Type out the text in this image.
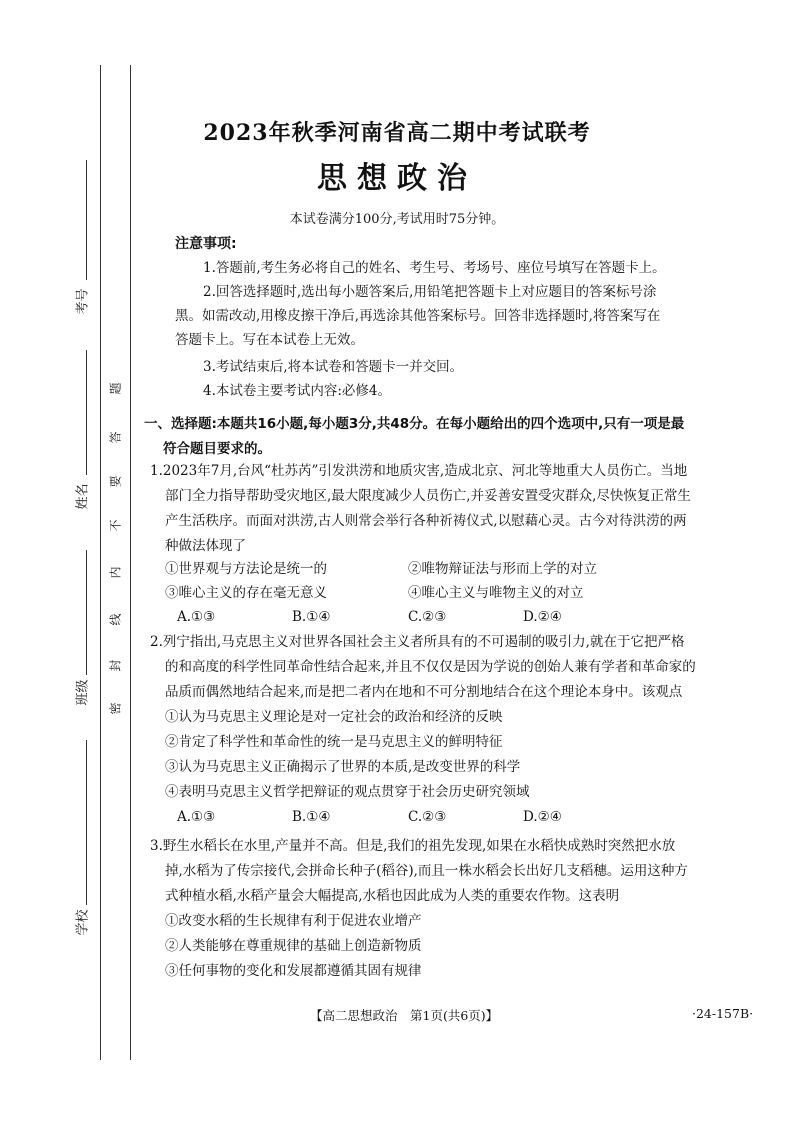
考号
姓名
班级
学校
密
封
线
内
不
要
答
题
2023年秋季河南省高二期中考试联考
思想政治
本试卷满分100分,考试用时75分钟。
注意事项:
1.答题前,考生务必将自己的姓名、考生号、考场号、座位号填写在答题卡上。
2.回答选择题时,选出每小题答案后,用铅笔把答题卡上对应题目的答案标号涂
黑。如需改动,用橡皮擦干净后,再选涂其他答案标号。回答非选择题时,将答案写在
答题卡上。写在本试卷上无效。
3.考试结束后,将本试卷和答题卡一并交回。
4.本试卷主要考试内容:必修4。
一、选择题:本题共16小题,每小题3分,共48分。在每小题给出的四个选项中,只有一项是最
符合题目要求的。
1.2023年7月,台风“杜苏芮”引发洪涝和地质灾害,造成北京、河北等地重大人员伤亡。当地
部门全力指导帮助受灾地区,最大限度减少人员伤亡,并妥善安置受灾群众,尽快恢复正常生
产生活秩序。而面对洪涝,古人则常会举行各种祈祷仪式,以慰藉心灵。古今对待洪涝的两
种做法体现了
①世界观与方法论是统一的	②唯物辩证法与形而上学的对立
③唯心主义的存在毫无意义	④唯心主义与唯物主义的对立
A.①③	B.①④	C.②③	D.②④
2.列宁指出,马克思主义对世界各国社会主义者所具有的不可遏制的吸引力,就在于它把严格
的和高度的科学性同革命性结合起来,并且不仅仅是因为学说的创始人兼有学者和革命家的
品质而偶然地结合起来,而是把二者内在地和不可分割地结合在这个理论本身中。该观点
①认为马克思主义理论是对一定社会的政治和经济的反映
②肯定了科学性和革命性的统一是马克思主义的鲜明特征
③认为马克思主义正确揭示了世界的本质,是改变世界的科学
④表明马克思主义哲学把辩证的观点贯穿于社会历史研究领域
A.①③	B.①④	C.②③	D.②④
3.野生水稻长在水里,产量并不高。但是,我们的祖先发现,如果在水稻快成熟时突然把水放
掉,水稻为了传宗接代,会拼命长种子(稻谷),而且一株水稻会长出好几支稻穗。运用这种方
式种植水稻,水稻产量会大幅提高,水稻也因此成为人类的重要农作物。这表明
①改变水稻的生长规律有利于促进农业增产
②人类能够在尊重规律的基础上创造新物质
③任何事物的变化和发展都遵循其固有规律
【高二思想政治　第1页(共6页)】	·24-157B·
